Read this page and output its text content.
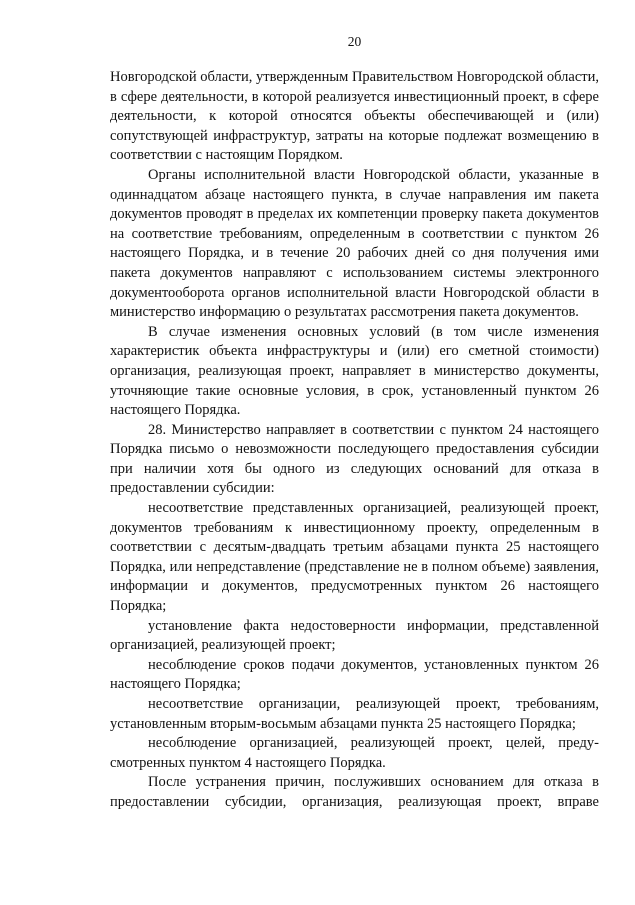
20

Новгородской области, утвержденным Правительством Новгородской области, в сфере деятельности, в которой реализуется инвестиционный проект, в сфере деятельности, к которой относятся объекты обеспечивающей и (или) сопутствующей инфраструктур, затраты на которые подлежат возмещению в соответствии с настоящим Порядком.

Органы исполнительной власти Новгородской области, указанные в одиннадцатом абзаце настоящего пункта, в случае направления им пакета документов проводят в пределах их компетенции проверку пакета документов на соответствие требованиям, определенным в соответствии с пунктом 26 настоящего Порядка, и в течение 20 рабочих дней со дня получения ими пакета документов направляют с использованием системы электронного документооборота органов исполнительной власти Новгородской области в министерство информацию о результатах рассмотрения пакета документов.

В случае изменения основных условий (в том числе изменения характеристик объекта инфраструктуры и (или) его сметной стоимости) организация, реализующая проект, направляет в министерство документы, уточняющие такие основные условия, в срок, установленный пунктом 26 настоящего Порядка.

28. Министерство направляет в соответствии с пунктом 24 настоящего Порядка письмо о невозможности последующего предоставления субсидии при наличии хотя бы одного из следующих оснований для отказа в предоставлении субсидии:

несоответствие представленных организацией, реализующей проект, документов требованиям к инвестиционному проекту, определенным в соответствии с десятым-двадцать третьим абзацами пункта 25 настоящего Порядка, или непредставление (представление не в полном объеме) заявления, информации и документов, предусмотренных пунктом 26 настоящего Порядка;

установление факта недостоверности информации, представленной организацией, реализующей проект;

несоблюдение сроков подачи документов, установленных пунктом 26 настоящего Порядка;

несоответствие организации, реализующей проект, требованиям, установленным вторым-восьмым абзацами пункта 25 настоящего Порядка;

несоблюдение организацией, реализующей проект, целей, преду-смотренных пунктом 4 настоящего Порядка.

После устранения причин, послуживших основанием для отказа в предоставлении субсидии, организация, реализующая проект, вправе
